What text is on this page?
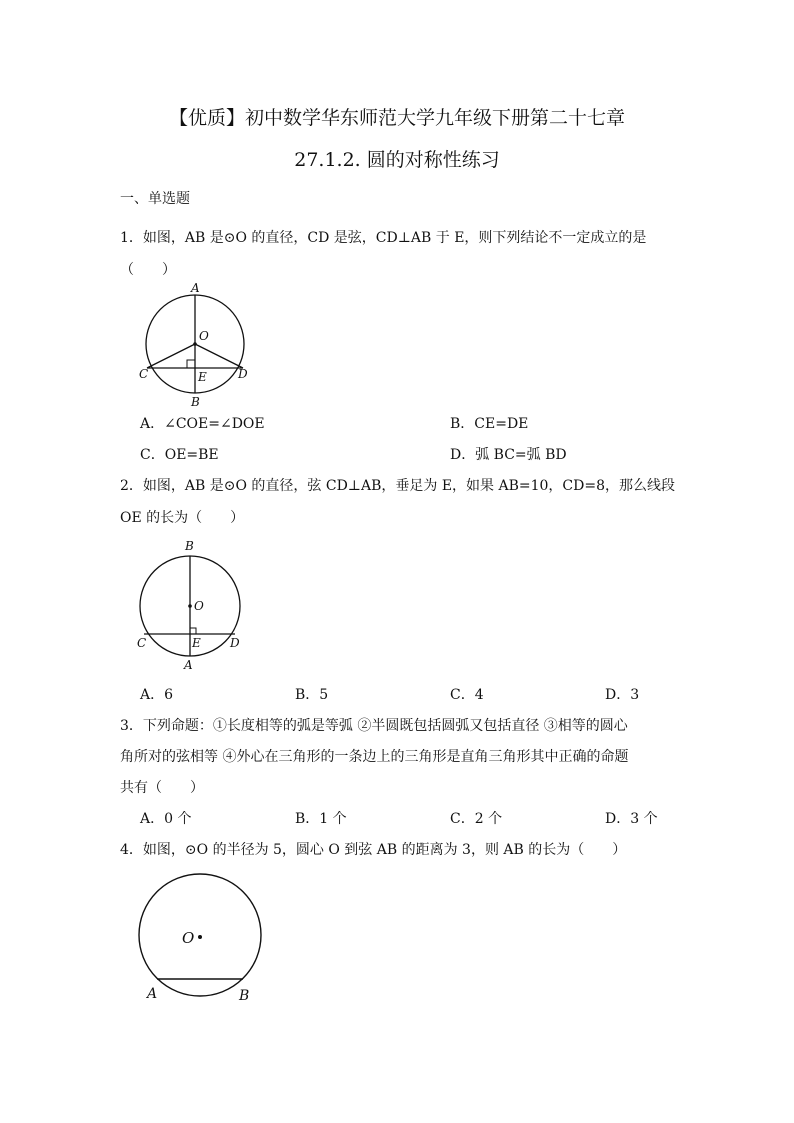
【优质】初中数学华东师范大学九年级下册第二十七章
27.1.2. 圆的对称性练习
一、单选题
1．如图，AB 是⊙O 的直径，CD 是弦，CD⊥AB 于 E，则下列结论不一定成立的是
（　　）
A
O
C	E	D
B
A．∠COE=∠DOE	B．CE=DE
C．OE=BE	D．弧 BC=弧 BD
2．如图，AB 是⊙O 的直径，弦 CD⊥AB，垂足为 E，如果 AB=10，CD=8，那么线段
OE 的长为（　　）
B
O
C	E D
A
A．6	B．5	C．4	D．3
3．下列命题：①长度相等的弧是等弧 ②半圆既包括圆弧又包括直径 ③相等的圆心
角所对的弦相等 ④外心在三角形的一条边上的三角形是直角三角形其中正确的命题
共有（　　）
A．0 个	B．1 个	C．2 个	D．3 个
4．如图，⊙O 的半径为 5，圆心 O 到弦 AB 的距离为 3，则 AB 的长为（　　）
O
A	B
